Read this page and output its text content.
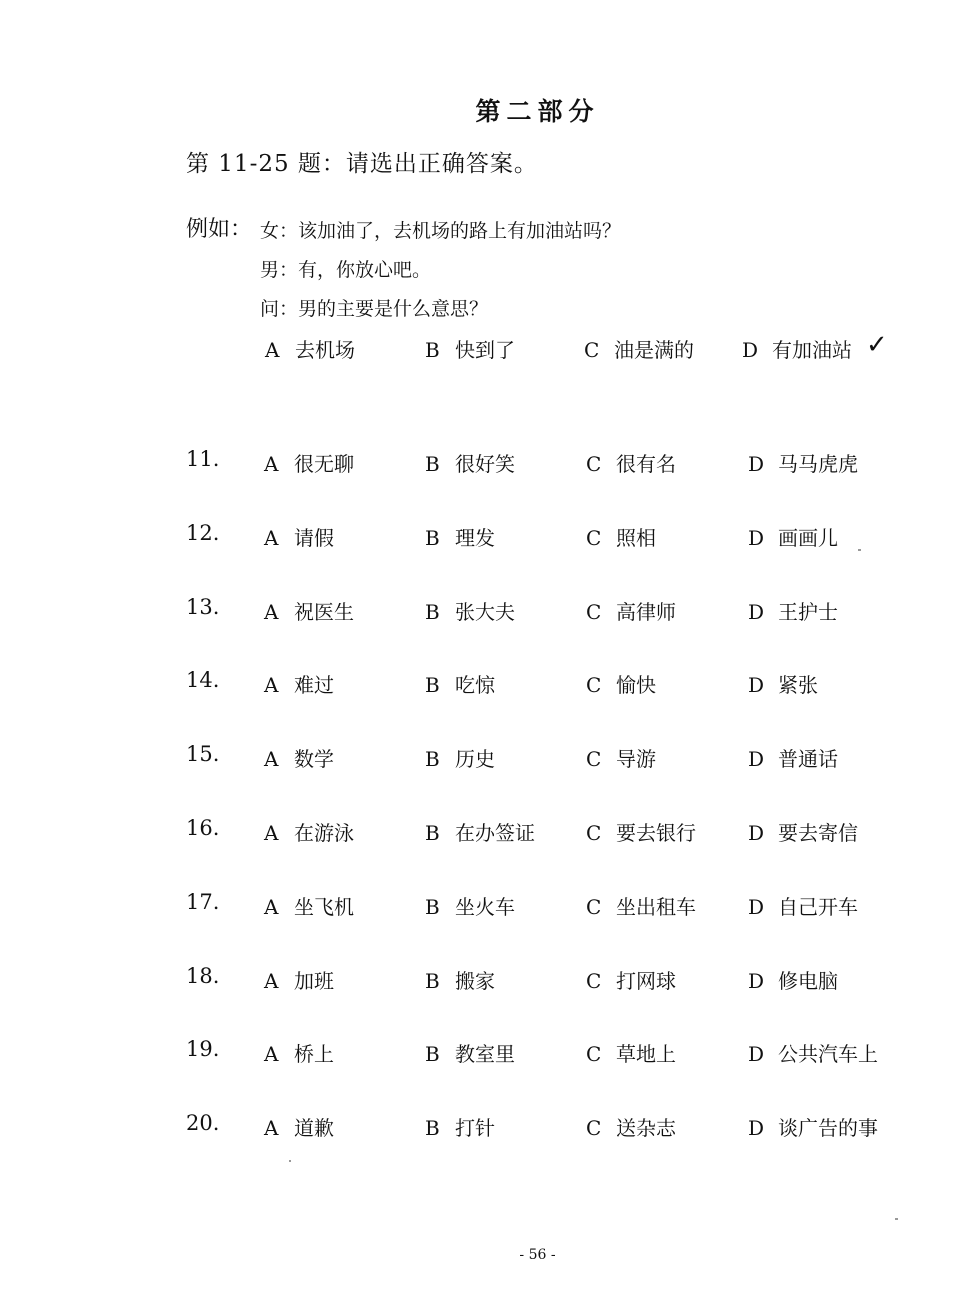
第二部分
第 11-25 题：请选出正确答案。
例如： 女：该加油了，去机场的路上有加油站吗？
男：有，你放心吧。
问：男的主要是什么意思？
A 去机场	B 快到了	C 油是满的 D 有加油站 ✓
11. A 很无聊	B 很好笑	C 很有名	D 马马虎虎
12. A 请假	B 理发	C 照相	D 画画儿
13. A 祝医生	B 张大夫	C 高律师	D 王护士
14. A 难过	B 吃惊	C 愉快	D 紧张
15. A 数学	B 历史	C 导游	D 普通话
16. A 在游泳	B 在办签证	C 要去银行	D 要去寄信
17. A 坐飞机	B 坐火车	C 坐出租车	D 自己开车
18. A 加班	B 搬家	C 打网球	D 修电脑
19. A 桥上	B 教室里	C 草地上	D 公共汽车上
20. A 道歉	B 打针	C 送杂志	D 谈广告的事
- 56 -
